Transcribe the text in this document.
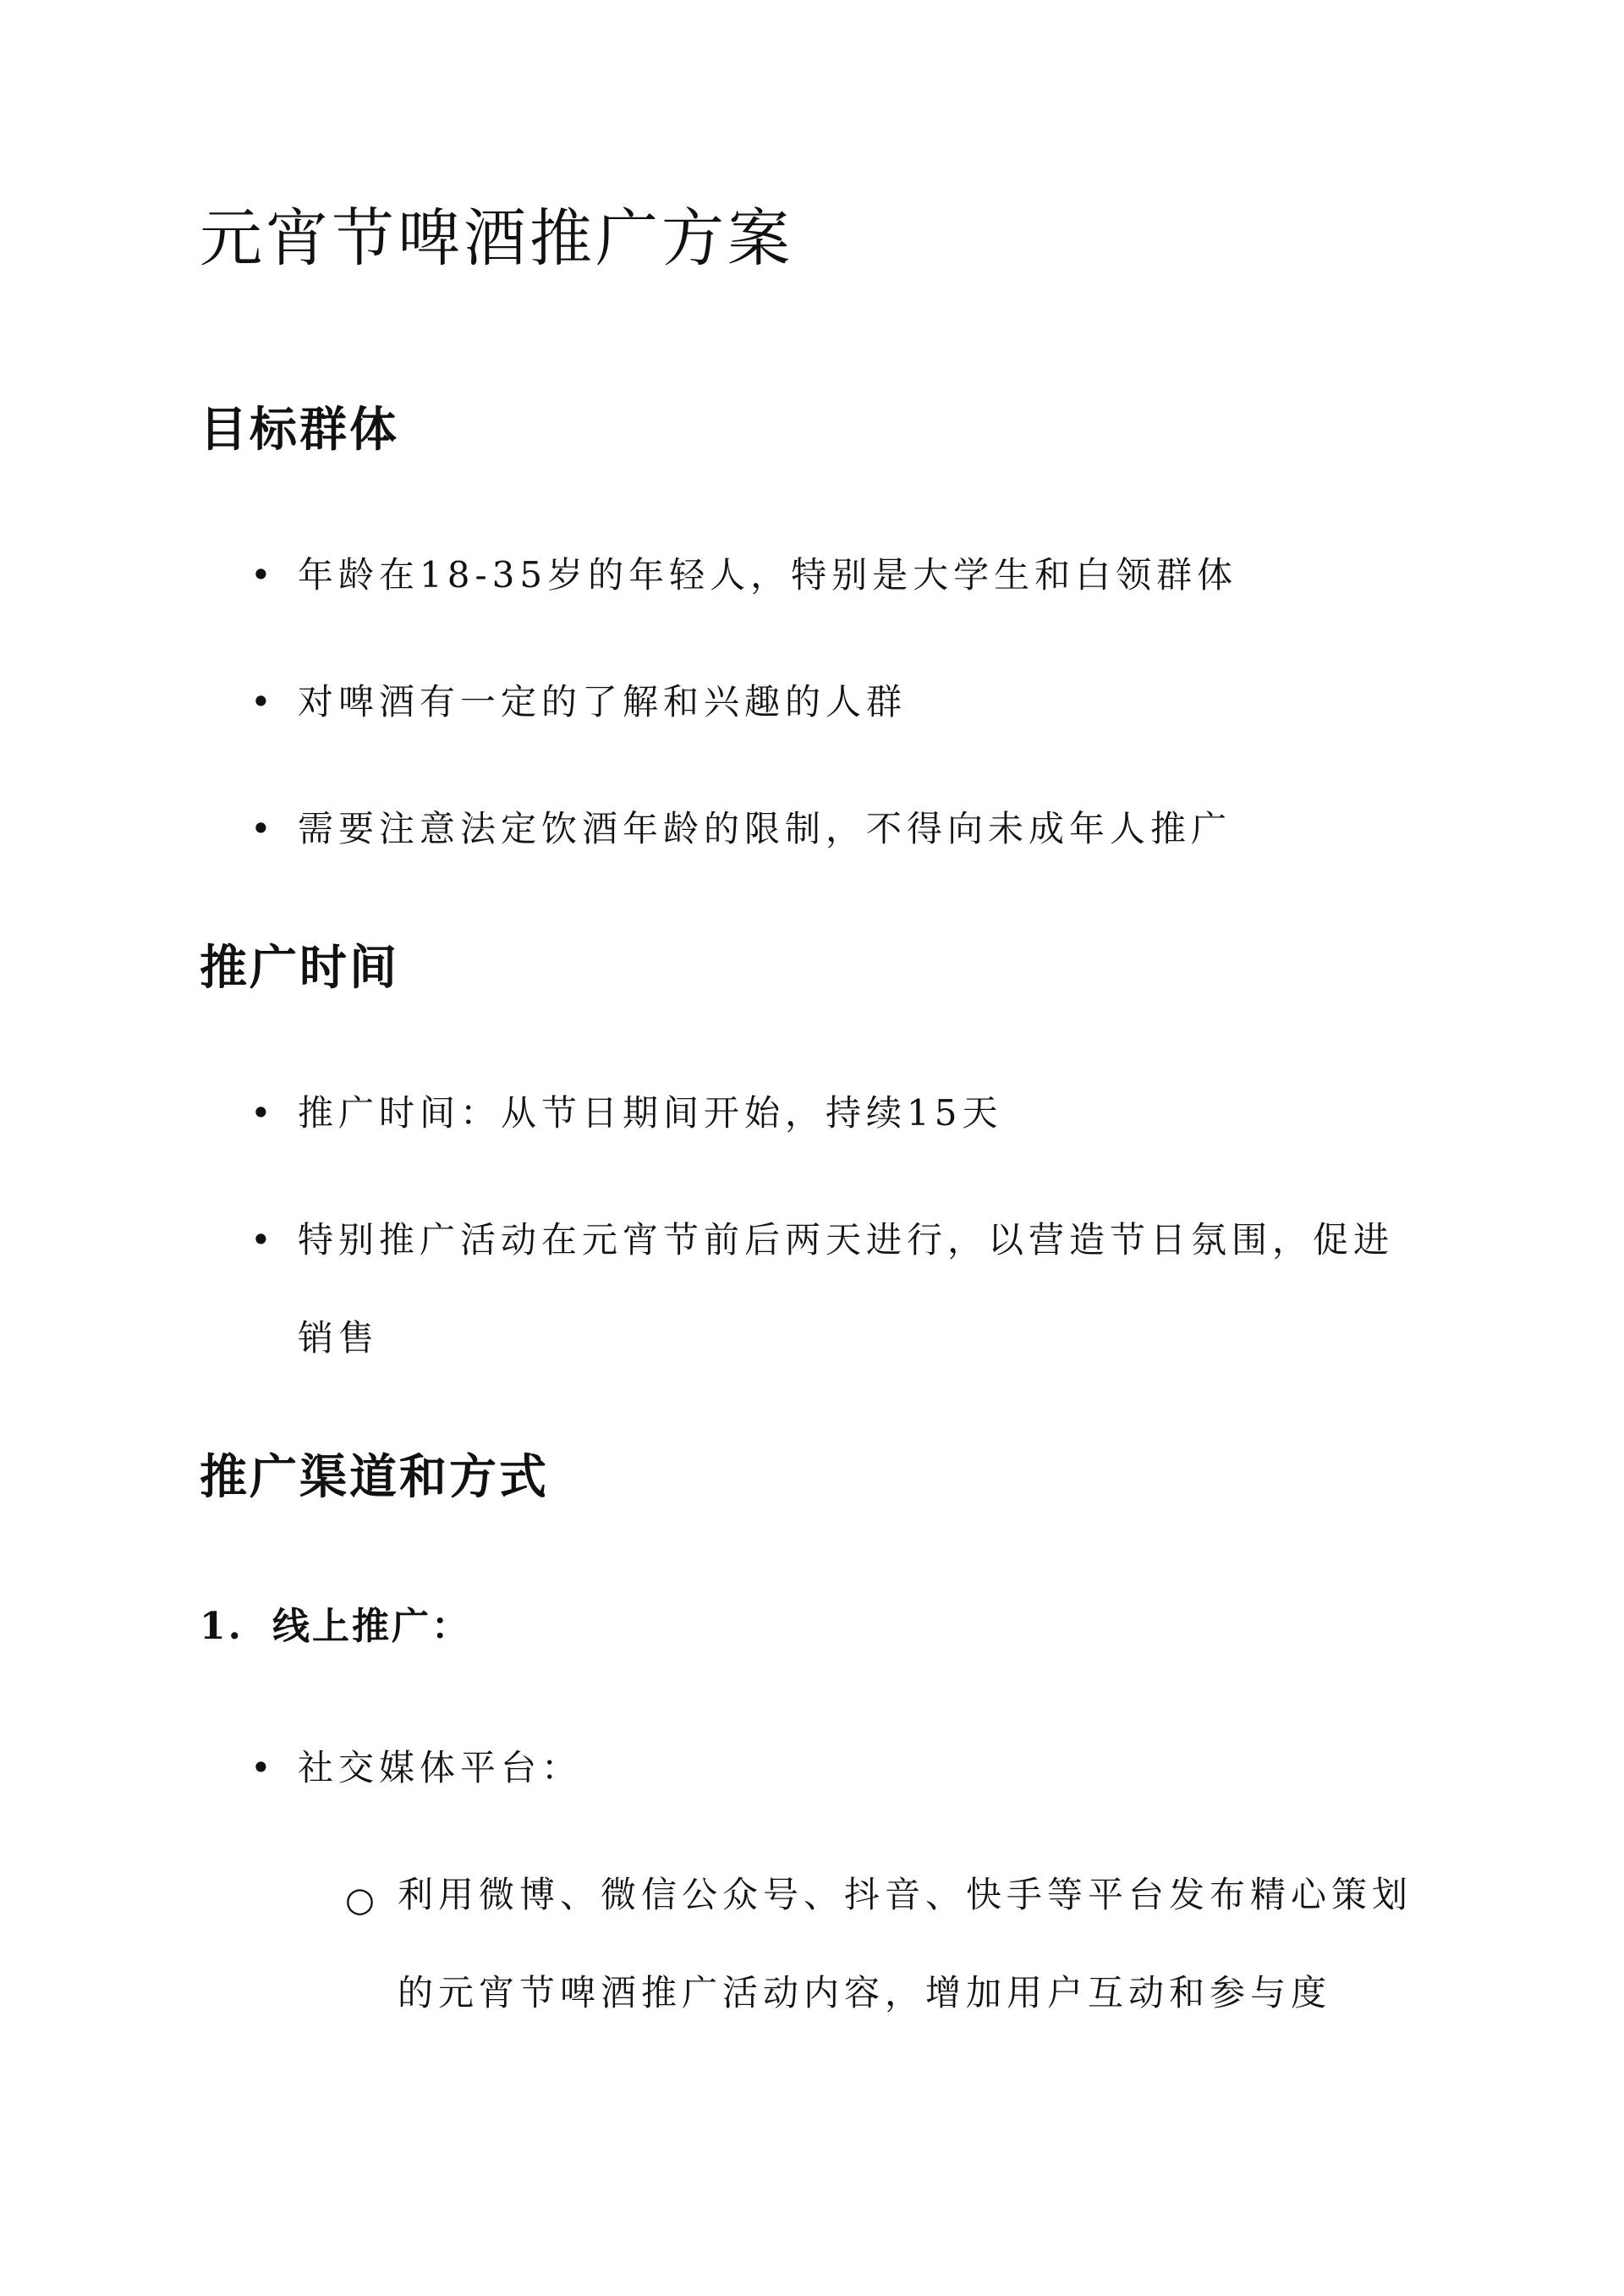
元宵节啤酒推广方案
目标群体

• 年龄在18-35岁的年轻人，特别是大学生和白领群体

• 对啤酒有一定的了解和兴趣的人群

• 需要注意法定饮酒年龄的限制，不得向未成年人推广

推广时间

• 推广时间：从节日期间开始，持续15天

• 特别推广活动在元宵节前后两天进行，以营造节日氛围，促进销售

推广渠道和方式
1. 线上推广：

• 社交媒体平台：

○ 利用微博、微信公众号、抖音、快手等平台发布精心策划的元宵节啤酒推广活动内容，增加用户互动和参与度
